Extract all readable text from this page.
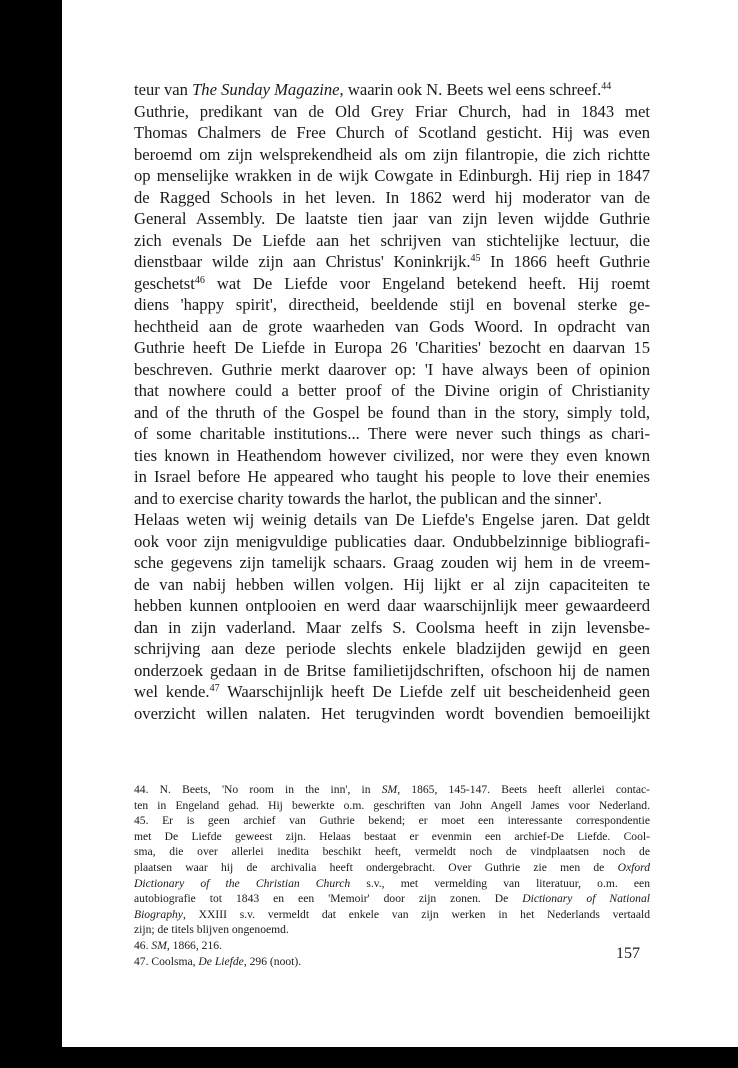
teur van The Sunday Magazine, waarin ook N. Beets wel eens schreef.$^{44}$
Guthrie, predikant van de Old Grey Friar Church, had in 1843 met
Thomas Chalmers de Free Church of Scotland gesticht. Hij was even
beroemd om zijn welsprekendheid als om zijn filantropie, die zich richtte
op menselijke wrakken in de wijk Cowgate in Edinburgh. Hij riep in 1847
de Ragged Schools in het leven. In 1862 werd hij moderator van de
General Assembly. De laatste tien jaar van zijn leven wijdde Guthrie
zich evenals De Liefde aan het schrijven van stichtelijke lectuur, die
dienstbaar wilde zijn aan Christus' Koninkrijk.$^{45}$ In 1866 heeft Guthrie
geschetst$^{46}$ wat De Liefde voor Engeland betekend heeft. Hij roemt
diens 'happy spirit', directheid, beeldende stijl en bovenal sterke ge-
hechtheid aan de grote waarheden van Gods Woord. In opdracht van
Guthrie heeft De Liefde in Europa 26 'Charities' bezocht en daarvan 15
beschreven. Guthrie merkt daarover op: 'I have always been of opinion
that nowhere could a better proof of the Divine origin of Christianity
and of the thruth of the Gospel be found than in the story, simply told,
of some charitable institutions... There were never such things as chari-
ties known in Heathendom however civilized, nor were they even known
in Israel before He appeared who taught his people to love their enemies
and to exercise charity towards the harlot, the publican and the sinner'.
Helaas weten wij weinig details van De Liefde's Engelse jaren. Dat geldt
ook voor zijn menigvuldige publicaties daar. Ondubbelzinnige bibliografi-
sche gegevens zijn tamelijk schaars. Graag zouden wij hem in de vreem-
de van nabij hebben willen volgen. Hij lijkt er al zijn capaciteiten te
hebben kunnen ontplooien en werd daar waarschijnlijk meer gewaardeerd
dan in zijn vaderland. Maar zelfs S. Coolsma heeft in zijn levensbe-
schrijving aan deze periode slechts enkele bladzijden gewijd en geen
onderzoek gedaan in de Britse familietijdschriften, ofschoon hij de namen
wel kende.$^{47}$ Waarschijnlijk heeft De Liefde zelf uit bescheidenheid geen
overzicht willen nalaten. Het terugvinden wordt bovendien bemoeilijkt
44. N. Beets, 'No room in the inn', in SM, 1865, 145-147. Beets heeft allerlei contac-
ten in Engeland gehad. Hij bewerkte o.m. geschriften van John Angell James voor Nederland.
45. Er is geen archief van Guthrie bekend; er moet een interessante correspondentie
met De Liefde geweest zijn. Helaas bestaat er evenmin een archief-De Liefde. Cool-
sma, die over allerlei inedita beschikt heeft, vermeldt noch de vindplaatsen noch de
plaatsen waar hij de archivalia heeft ondergebracht. Over Guthrie zie men de Oxford
Dictionary of the Christian Church s.v., met vermelding van literatuur, o.m. een
autobiografie tot 1843 en een 'Memoir' door zijn zonen. De Dictionary of National
Biography, XXIII s.v. vermeldt dat enkele van zijn werken in het Nederlands vertaald
zijn; de titels blijven ongenoemd.
46. SM, 1866, 216.
47. Coolsma, De Liefde, 296 (noot).	157
